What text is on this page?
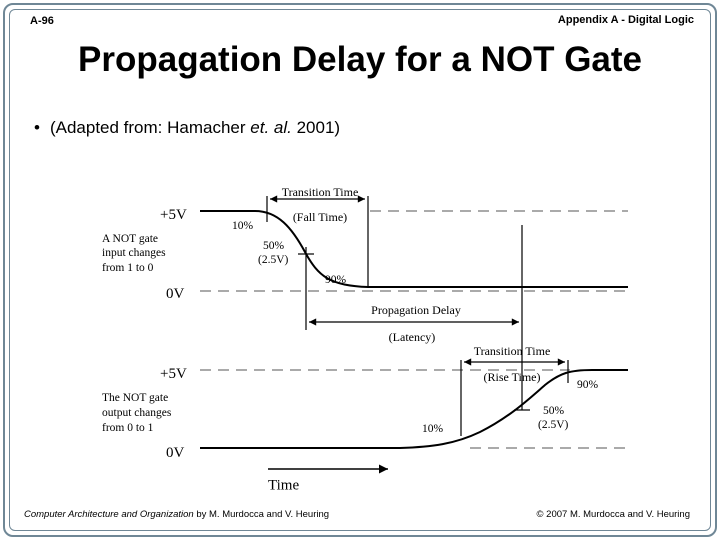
A-96	Appendix A - Digital Logic
Propagation Delay for a NOT Gate
• (Adapted from: Hamacher et. al. 2001)
Transition Time
(Fall Time)
+5V
0V
A NOT gate
input changes
from 1 to 0
10%
50%
(2.5V)
90%
Propagation Delay
(Latency)
Transition Time
(Rise Time)
+5V
0V
The NOT gate
output changes
from 0 to 1
90%
50%
(2.5V)
10%
Time
Computer Architecture and Organization by M. Murdocca and V. Heuring	© 2007 M. Murdocca and V. Heuring
